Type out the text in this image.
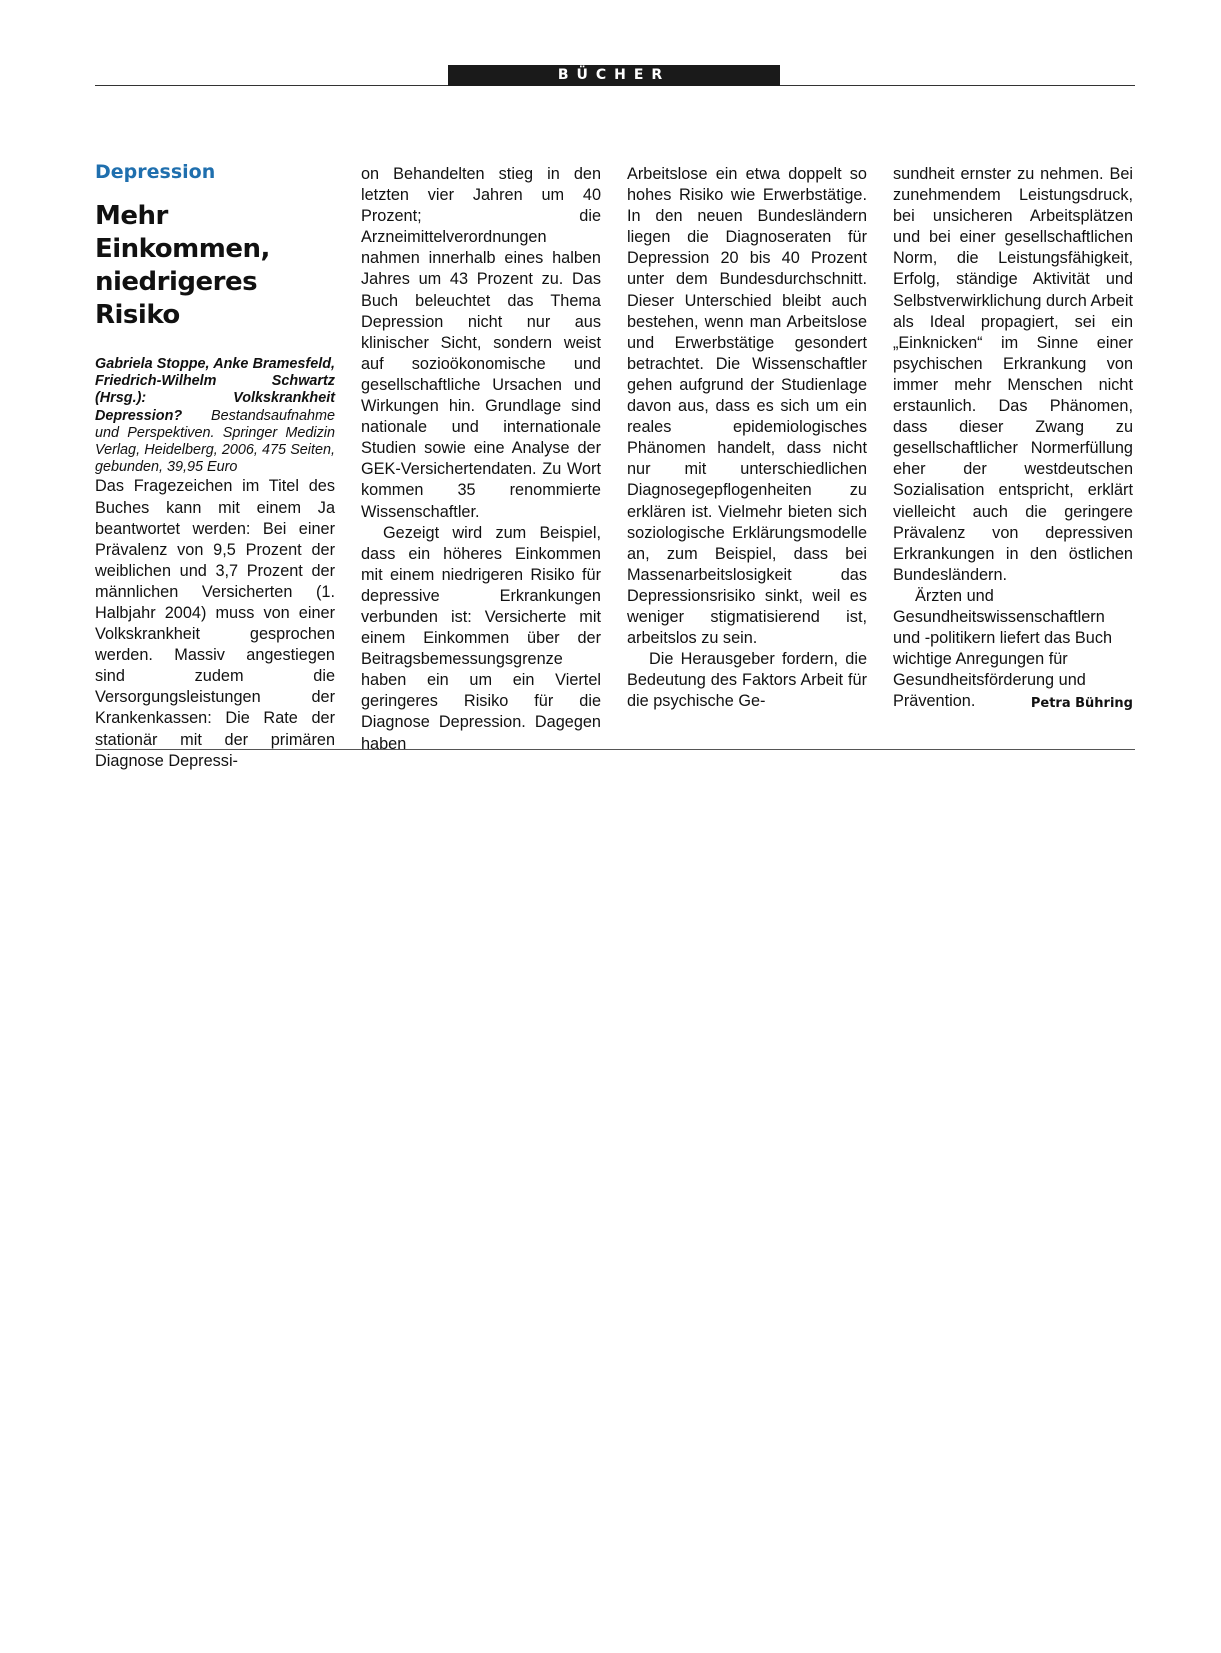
BÜCHER
Depression
Mehr Einkommen, niedrigeres Risiko

Gabriela Stoppe, Anke Bramesfeld, Friedrich-Wilhelm Schwartz (Hrsg.): Volkskrankheit Depression? Bestandsaufnahme und Perspektiven. Springer Medizin Verlag, Heidelberg, 2006, 475 Seiten, gebunden, 39,95 Euro

Das Fragezeichen im Titel des Buches kann mit einem Ja beantwortet werden: Bei einer Prävalenz von 9,5 Prozent der weiblichen und 3,7 Prozent der männlichen Versicherten (1. Halbjahr 2004) muss von einer Volkskrankheit gesprochen werden. Massiv angestiegen sind zudem die Versorgungsleistungen der Krankenkassen: Die Rate der stationär mit der primären Diagnose Depressi-

on Behandelten stieg in den letzten vier Jahren um 40 Prozent; die Arzneimittelverordnungen nahmen innerhalb eines halben Jahres um 43 Prozent zu. Das Buch beleuchtet das Thema Depression nicht nur aus klinischer Sicht, sondern weist auf sozioökonomische und gesellschaftliche Ursachen und Wirkungen hin. Grundlage sind nationale und internationale Studien sowie eine Analyse der GEK-Versichertendaten. Zu Wort kommen 35 renommierte Wissenschaftler.

Gezeigt wird zum Beispiel, dass ein höheres Einkommen mit einem niedrigeren Risiko für depressive Erkrankungen verbunden ist: Versicherte mit einem Einkommen über der Beitragsbemessungsgrenze haben ein um ein Viertel geringeres Risiko für die Diagnose Depression. Dagegen haben

Arbeitslose ein etwa doppelt so hohes Risiko wie Erwerbstätige. In den neuen Bundesländern liegen die Diagnoseraten für Depression 20 bis 40 Prozent unter dem Bundesdurchschnitt. Dieser Unterschied bleibt auch bestehen, wenn man Arbeitslose und Erwerbstätige gesondert betrachtet. Die Wissenschaftler gehen aufgrund der Studienlage davon aus, dass es sich um ein reales epidemiologisches Phänomen handelt, dass nicht nur mit unterschiedlichen Diagnosegepflogenheiten zu erklären ist. Vielmehr bieten sich soziologische Erklärungsmodelle an, zum Beispiel, dass bei Massenarbeitslosigkeit das Depressionsrisiko sinkt, weil es weniger stigmatisierend ist, arbeitslos zu sein.

Die Herausgeber fordern, die Bedeutung des Faktors Arbeit für die psychische Ge-

sundheit ernster zu nehmen. Bei zunehmendem Leistungsdruck, bei unsicheren Arbeitsplätzen und bei einer gesellschaftlichen Norm, die Leistungsfähigkeit, Erfolg, ständige Aktivität und Selbstverwirklichung durch Arbeit als Ideal propagiert, sei ein „Einknicken“ im Sinne einer psychischen Erkrankung von immer mehr Menschen nicht erstaunlich. Das Phänomen, dass dieser Zwang zu gesellschaftlicher Normerfüllung eher der westdeutschen Sozialisation entspricht, erklärt vielleicht auch die geringere Prävalenz von depressiven Erkrankungen in den östlichen Bundesländern.

Ärzten und Gesundheitswissenschaftlern und -politikern liefert das Buch wichtige Anregungen für Gesundheitsförderung und Prävention.	Petra Bühring
